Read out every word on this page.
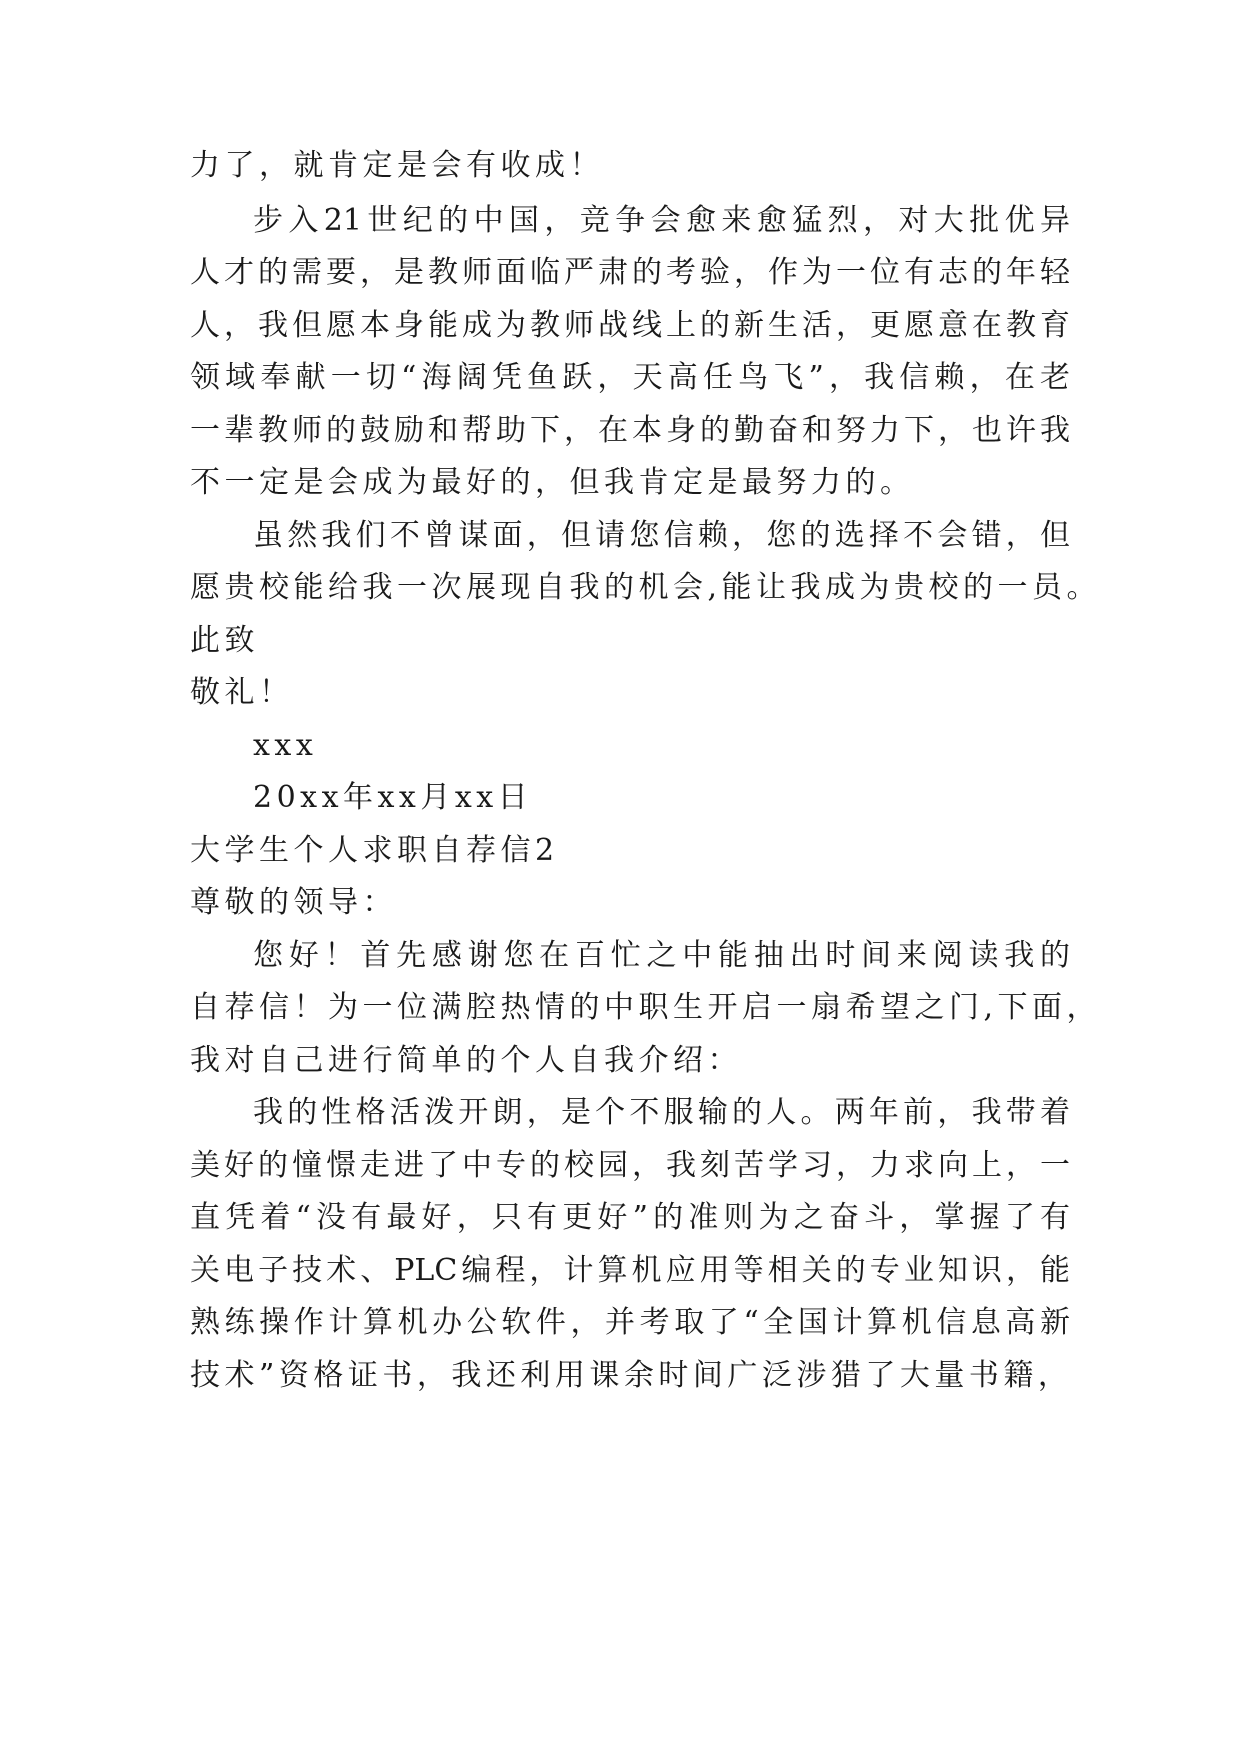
力了，就肯定是会有收成！
步入21世纪的中国，竞争会愈来愈猛烈，对大批优异
人才的需要，是教师面临严肃的考验，作为一位有志的年轻
人，我但愿本身能成为教师战线上的新生活，更愿意在教育
领域奉献一切“海阔凭鱼跃，天高任鸟飞”，我信赖，在老
一辈教师的鼓励和帮助下，在本身的勤奋和努力下，也许我
不一定是会成为最好的，但我肯定是最努力的。
虽然我们不曾谋面，但请您信赖，您的选择不会错，但
愿贵校能给我一次展现自我的机会,能让我成为贵校的一员。
此致
敬礼！
xxx
20xx年xx月xx日
大学生个人求职自荐信2
尊敬的领导：
您好！首先感谢您在百忙之中能抽出时间来阅读我的
自荐信！为一位满腔热情的中职生开启一扇希望之门,下面，
我对自己进行简单的个人自我介绍：
我的性格活泼开朗，是个不服输的人。两年前，我带着
美好的憧憬走进了中专的校园，我刻苦学习，力求向上，一
直凭着“没有最好，只有更好”的准则为之奋斗，掌握了有
关电子技术、PLC编程，计算机应用等相关的专业知识，能
熟练操作计算机办公软件，并考取了“全国计算机信息高新
技术”资格证书，我还利用课余时间广泛涉猎了大量书籍，
